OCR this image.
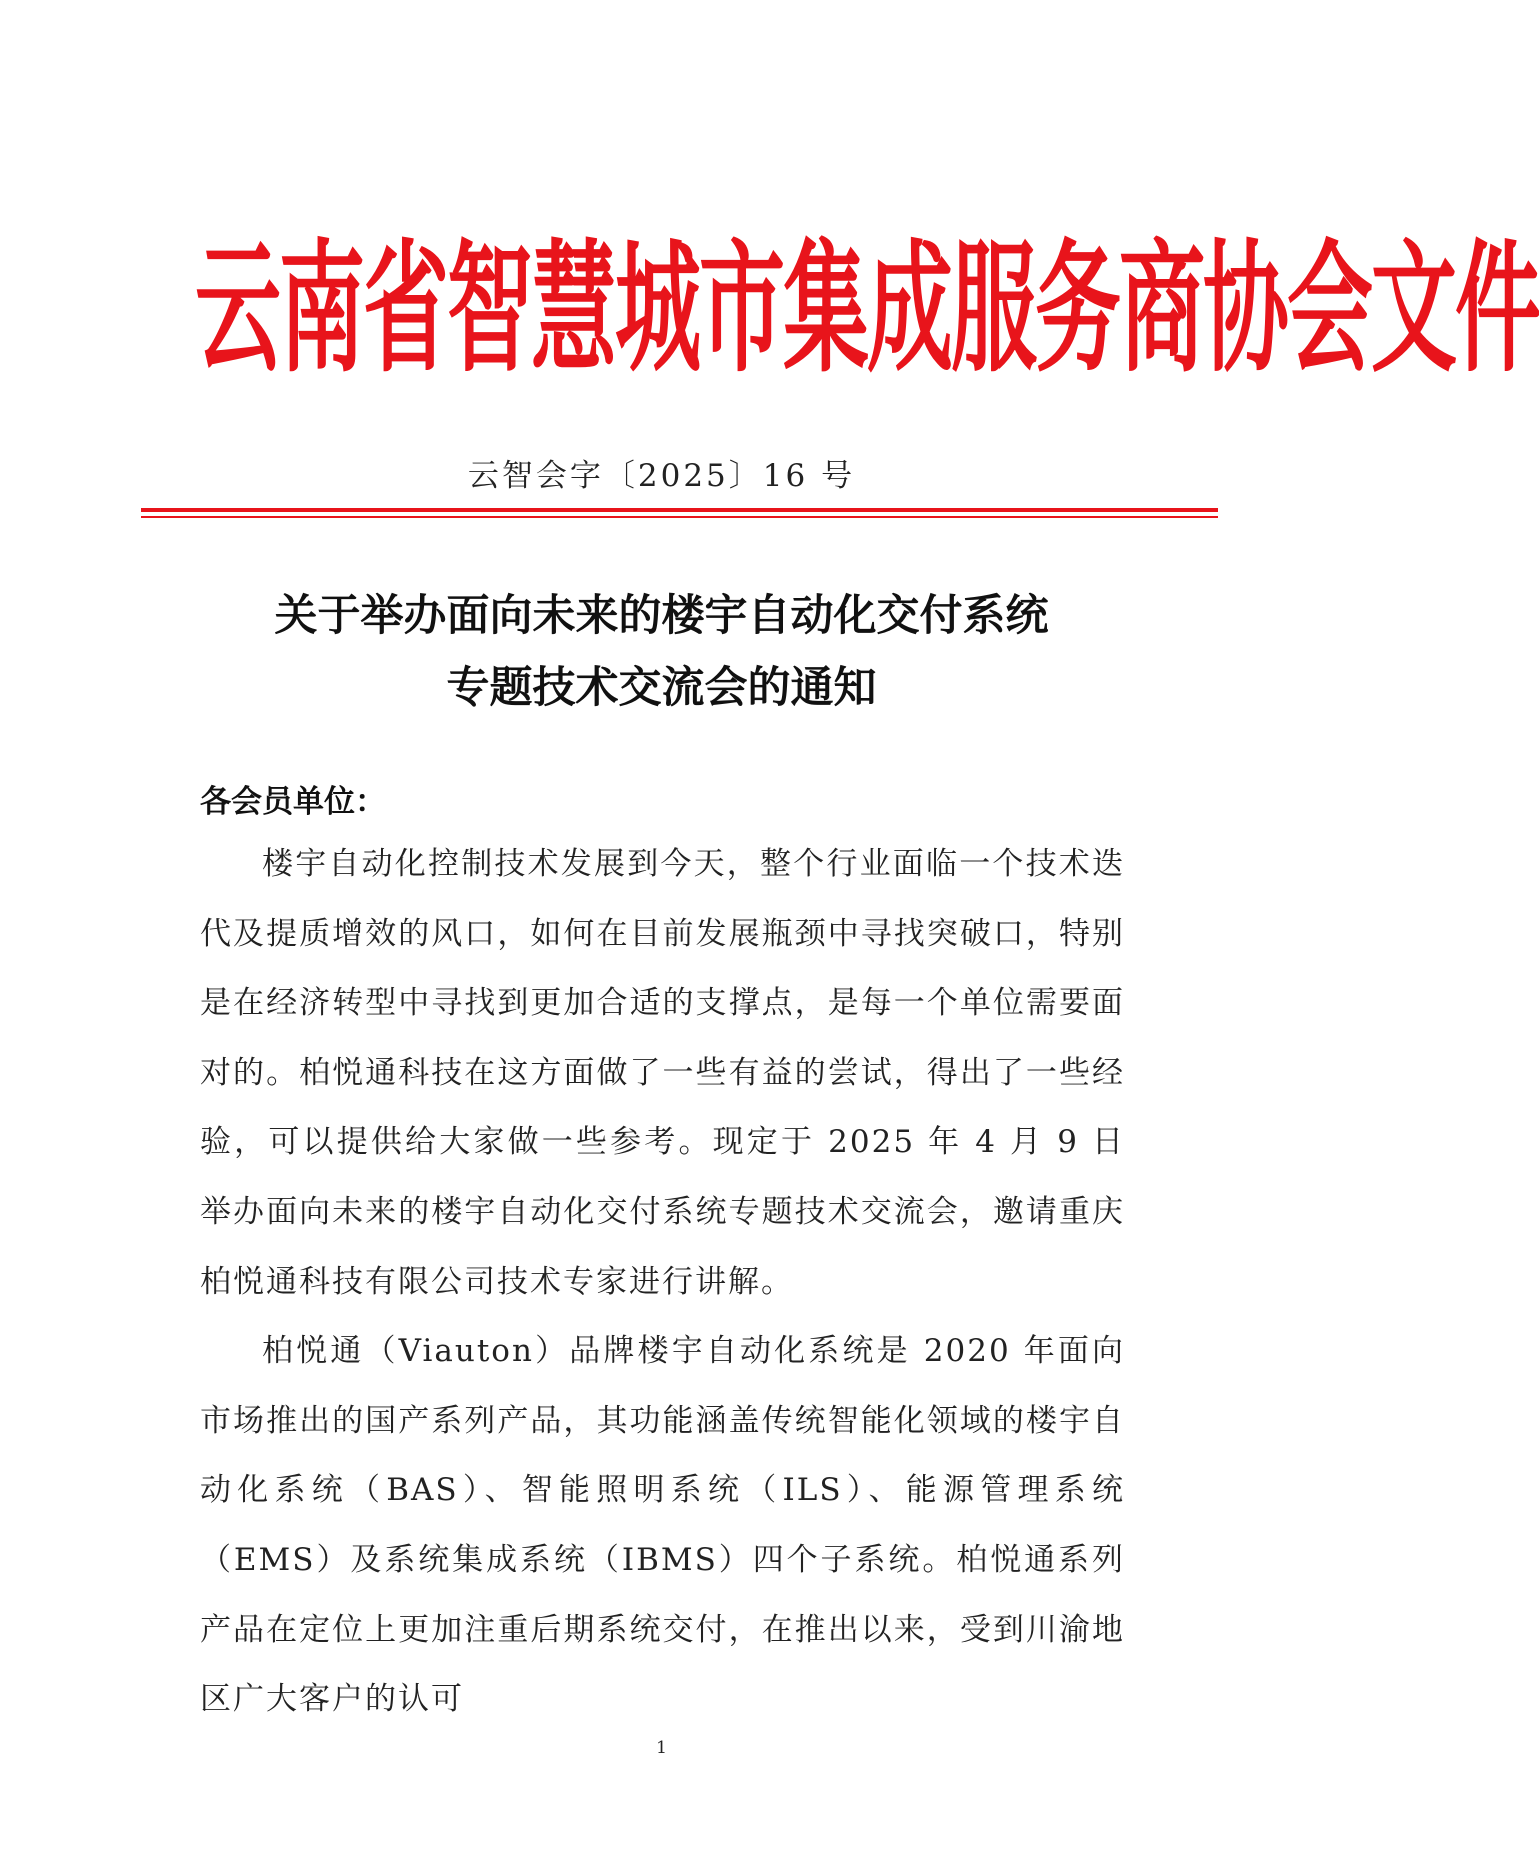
云 南 省 智 慧 城 市 集 成 服 务 商 协 会 文 件
云智会字〔2025〕16 号
关于举办面向未来的楼宇自动化交付系统
专题技术交流会的通知
各会员单位：

楼宇自动化控制技术发展到今天，整个行业面临一个技术迭代及提质增效的风口，如何在目前发展瓶颈中寻找突破口，特别是在经济转型中寻找到更加合适的支撑点，是每一个单位需要面对的。柏悦通科技在这方面做了一些有益的尝试，得出了一些经验，可以提供给大家做一些参考。现定于 2025 年 4 月 9 日举办面向未来的楼宇自动化交付系统专题技术交流会，邀请重庆柏悦通科技有限公司技术专家进行讲解。

柏悦通（Viauton）品牌楼宇自动化系统是 2020 年面向市场推出的国产系列产品，其功能涵盖传统智能化领域的楼宇自动化系统（BAS）、智能照明系统（ILS）、能源管理系统（EMS）及系统集成系统（IBMS）四个子系统。柏悦通系列产品在定位上更加注重后期系统交付，在推出以来，受到川渝地区广大客户的认可

1
